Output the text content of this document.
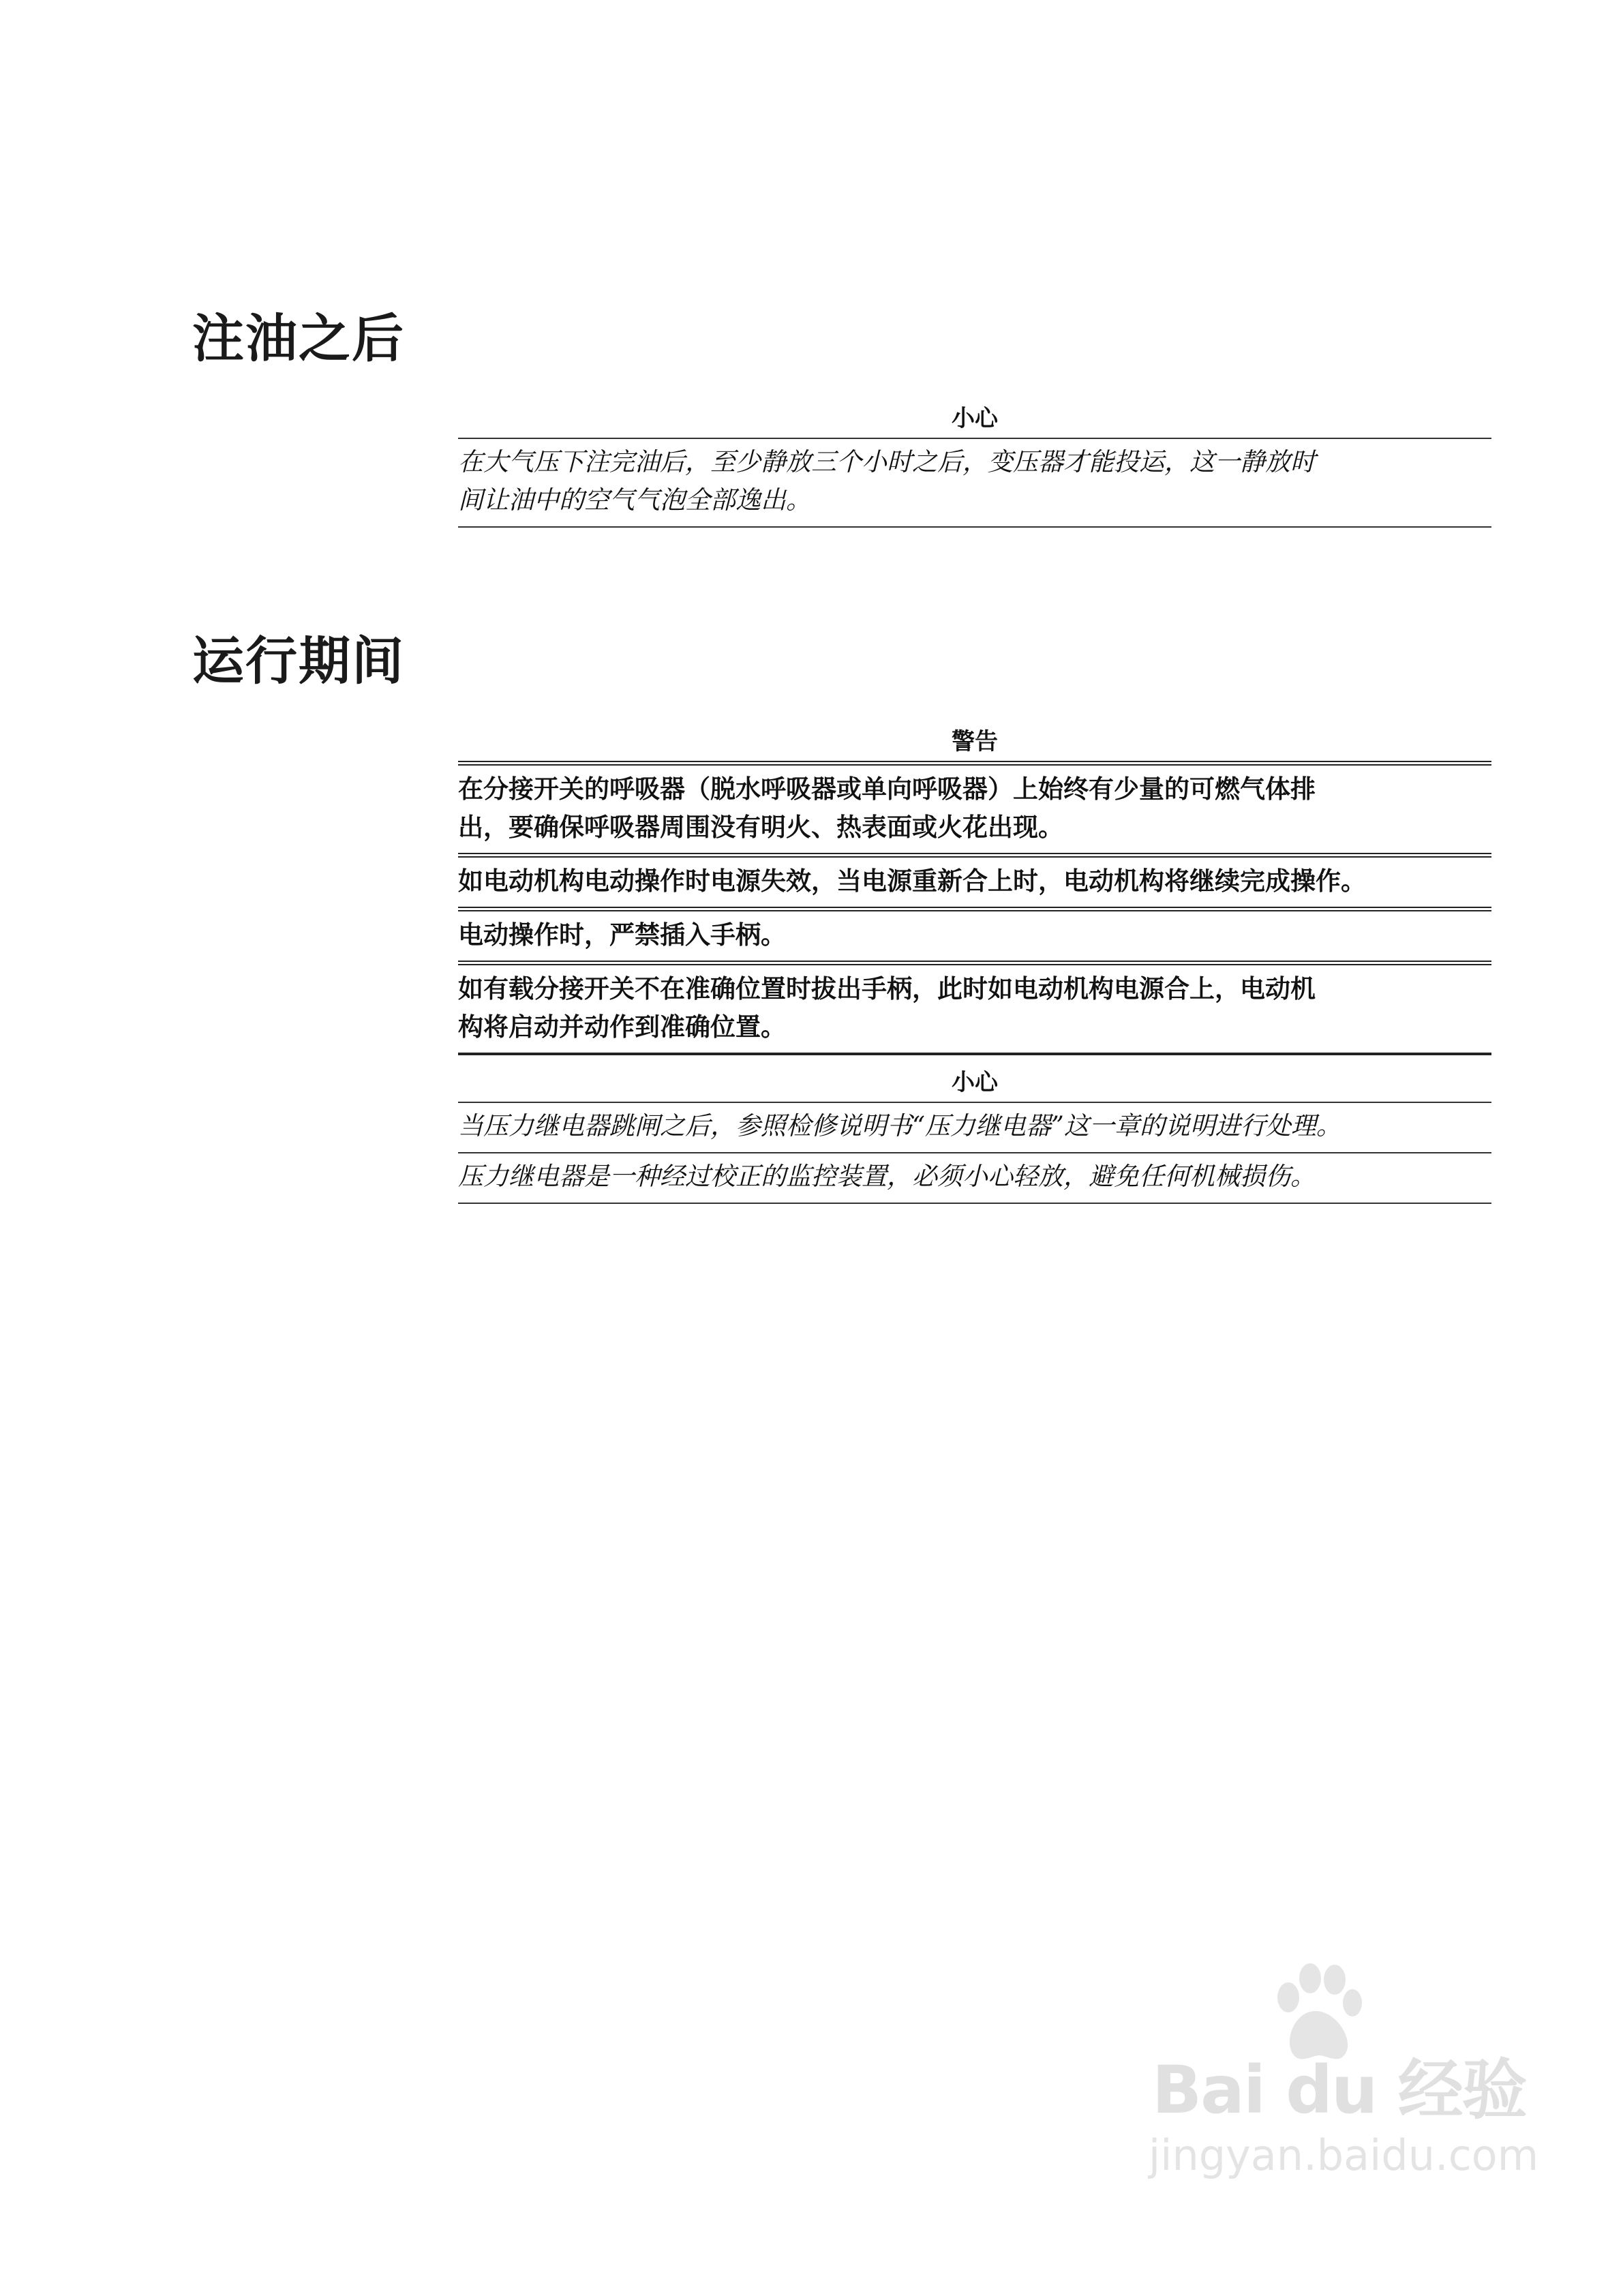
注油之后
小心
在大气压下注完油后，至少静放三个小时之后，变压器才能投运，这一静放时
间让油中的空气气泡全部逸出。
运行期间
警告
在分接开关的呼吸器（脱水呼吸器或单向呼吸器）上始终有少量的可燃气体排
出，要确保呼吸器周围没有明火、热表面或火花出现。
如电动机构电动操作时电源失效，当电源重新合上时，电动机构将继续完成操作。
电动操作时，严禁插入手柄。
如有载分接开关不在准确位置时拔出手柄，此时如电动机构电源合上，电动机
构将启动并动作到准确位置。
小心
当压力继电器跳闸之后，参照检修说明书“压力继电器”这一章的说明进行处理。
压力继电器是一种经过校正的监控装置，必须小心轻放，避免任何机械损伤。
Bai du 经验
jingyan.baidu.com
